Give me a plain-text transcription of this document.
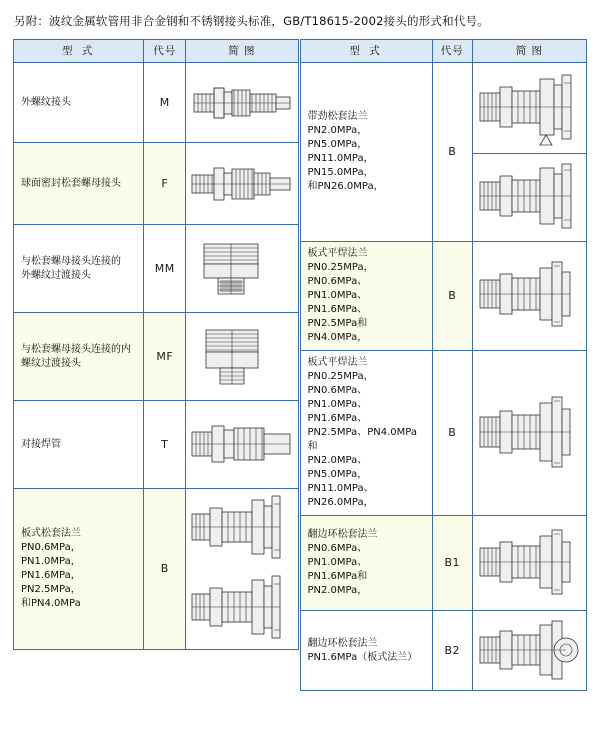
另附：波纹金属软管用非合金钢和不锈钢接头标准，GB/T18615-2002接头的形式和代号。
型 式	代号	简 图

外螺纹接头	M	

球面密封松套螺母接头	F	

与松套螺母接头连接的
外螺纹过渡接头	MM	

与松套螺母接头连接的内
螺纹过渡接头	MF	

对接焊管	T	

板式松套法兰
PN0.6MPa，PN1.0MPa，
PN1.6MPa，PN2.5MPa，
和PN4.0MPa	B	
型 式	代号	简 图

带劲松套法兰
PN2.0MPa，PN5.0MPa，
PN11.0MPa，PN15.0MPa，
和PN26.0MPa，	B	

板式平焊法兰
PN0.25MPa，PN0.6MPa、
PN1.0MPa、PN1.6MPa、
PN2.5MPa和PN4.0MPa，	B	

板式平焊法兰
PN0.25MPa，PN0.6MPa、
PN1.0MPa、PN1.6MPa、
PN2.5MPa、PN4.0MPa 和
PN2.0MPa、PN5.0MPa，
PN11.0MPa、PN26.0MPa，
	B	

翻边环松套法兰
PN0.6MPa、PN1.0MPa、
PN1.6MPa和PN2.0MPa，	B1	

翻边环松套法兰
PN1.6MPa（板式法兰）	B2	
